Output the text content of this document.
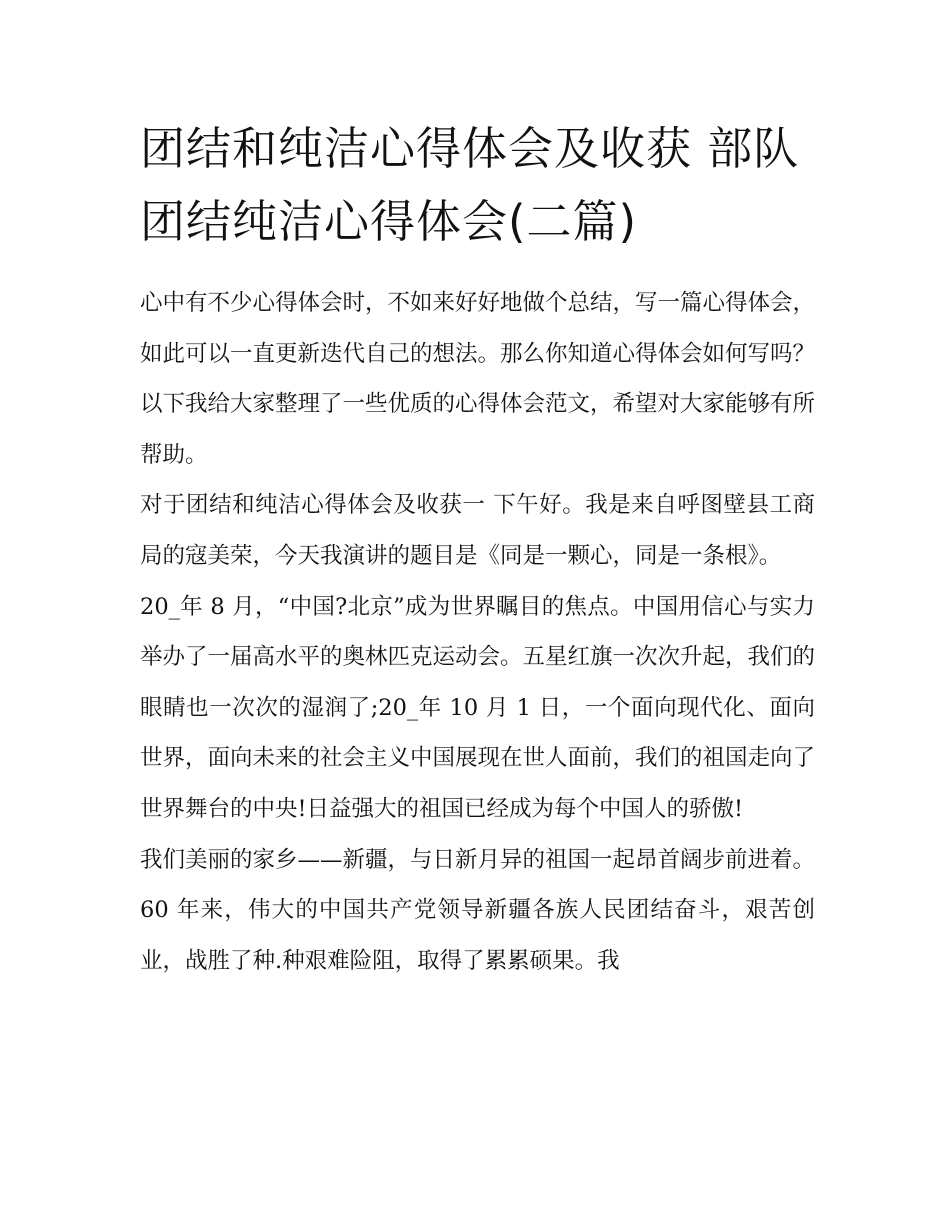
团结和纯洁心得体会及收获 部队团结纯洁心得体会(二篇)

心中有不少心得体会时，不如来好好地做个总结，写一篇心得体会，如此可以一直更新迭代自己的想法。那么你知道心得体会如何写吗？以下我给大家整理了一些优质的心得体会范文，希望对大家能够有所帮助。

对于团结和纯洁心得体会及收获一 下午好。我是来自呼图壁县工商局的寇美荣，今天我演讲的题目是《同是一颗心，同是一条根》。

20_年 8 月，“中国?北京”成为世界瞩目的焦点。中国用信心与实力举办了一届高水平的奥林匹克运动会。五星红旗一次次升起，我们的眼睛也一次次的湿润了;20_年 10 月 1 日，一个面向现代化、面向世界，面向未来的社会主义中国展现在世人面前，我们的祖国走向了世界舞台的中央!日益强大的祖国已经成为每个中国人的骄傲!

我们美丽的家乡——新疆，与日新月异的祖国一起昂首阔步前进着。60 年来，伟大的中国共产党领导新疆各族人民团结奋斗，艰苦创业，战胜了种.种艰难险阻，取得了累累硕果。我
